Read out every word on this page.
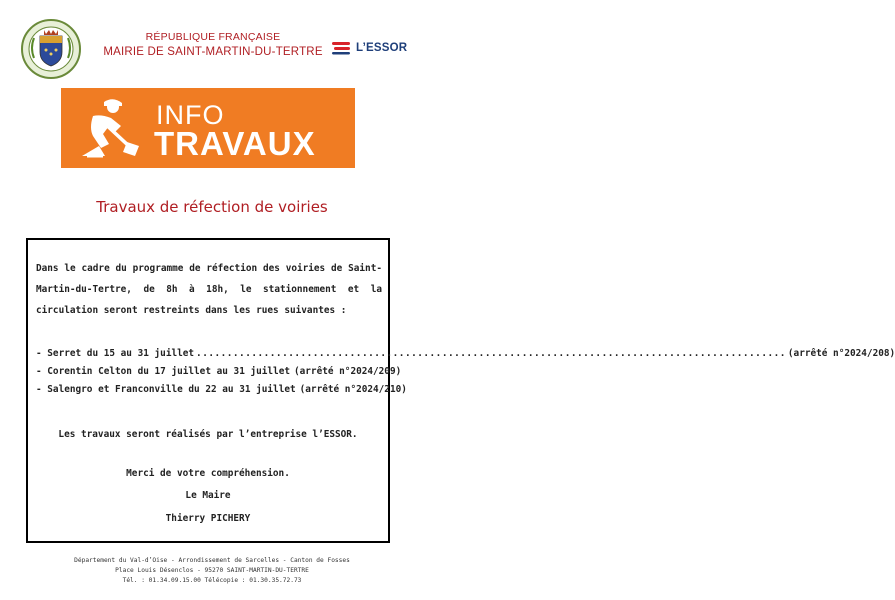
RÉPUBLIQUE FRANÇAISE
MAIRIE DE SAINT-MARTIN-DU-TERTRE	L’ESSOR
INFO
TRAVAUX
Travaux de réfection de voiries
Dans le cadre du programme de réfection des voiries de Saint-Martin-du-Tertre, de 8h à 18h, le stationnement et la circulation seront restreints dans les rues suivantes :
- Serret du 15 au 31 juillet
.....	(arrêté n°2024/208)
- Corentin Celton du 17 juillet au 31 juillet (arrêté n°2024/209)
- Salengro et Franconville du 22 au 31 juillet (arrêté n°2024/210)
Les travaux seront réalisés par l’entreprise l’ESSOR.
Merci de votre compréhension.
Le Maire
Thierry PICHERY
Département du Val-d’Oise - Arrondissement de Sarcelles - Canton de Fosses
Place Louis Désenclos - 95270 SAINT-MARTIN-DU-TERTRE
Tél. : 01.34.09.15.00 Télécopie : 01.30.35.72.73
